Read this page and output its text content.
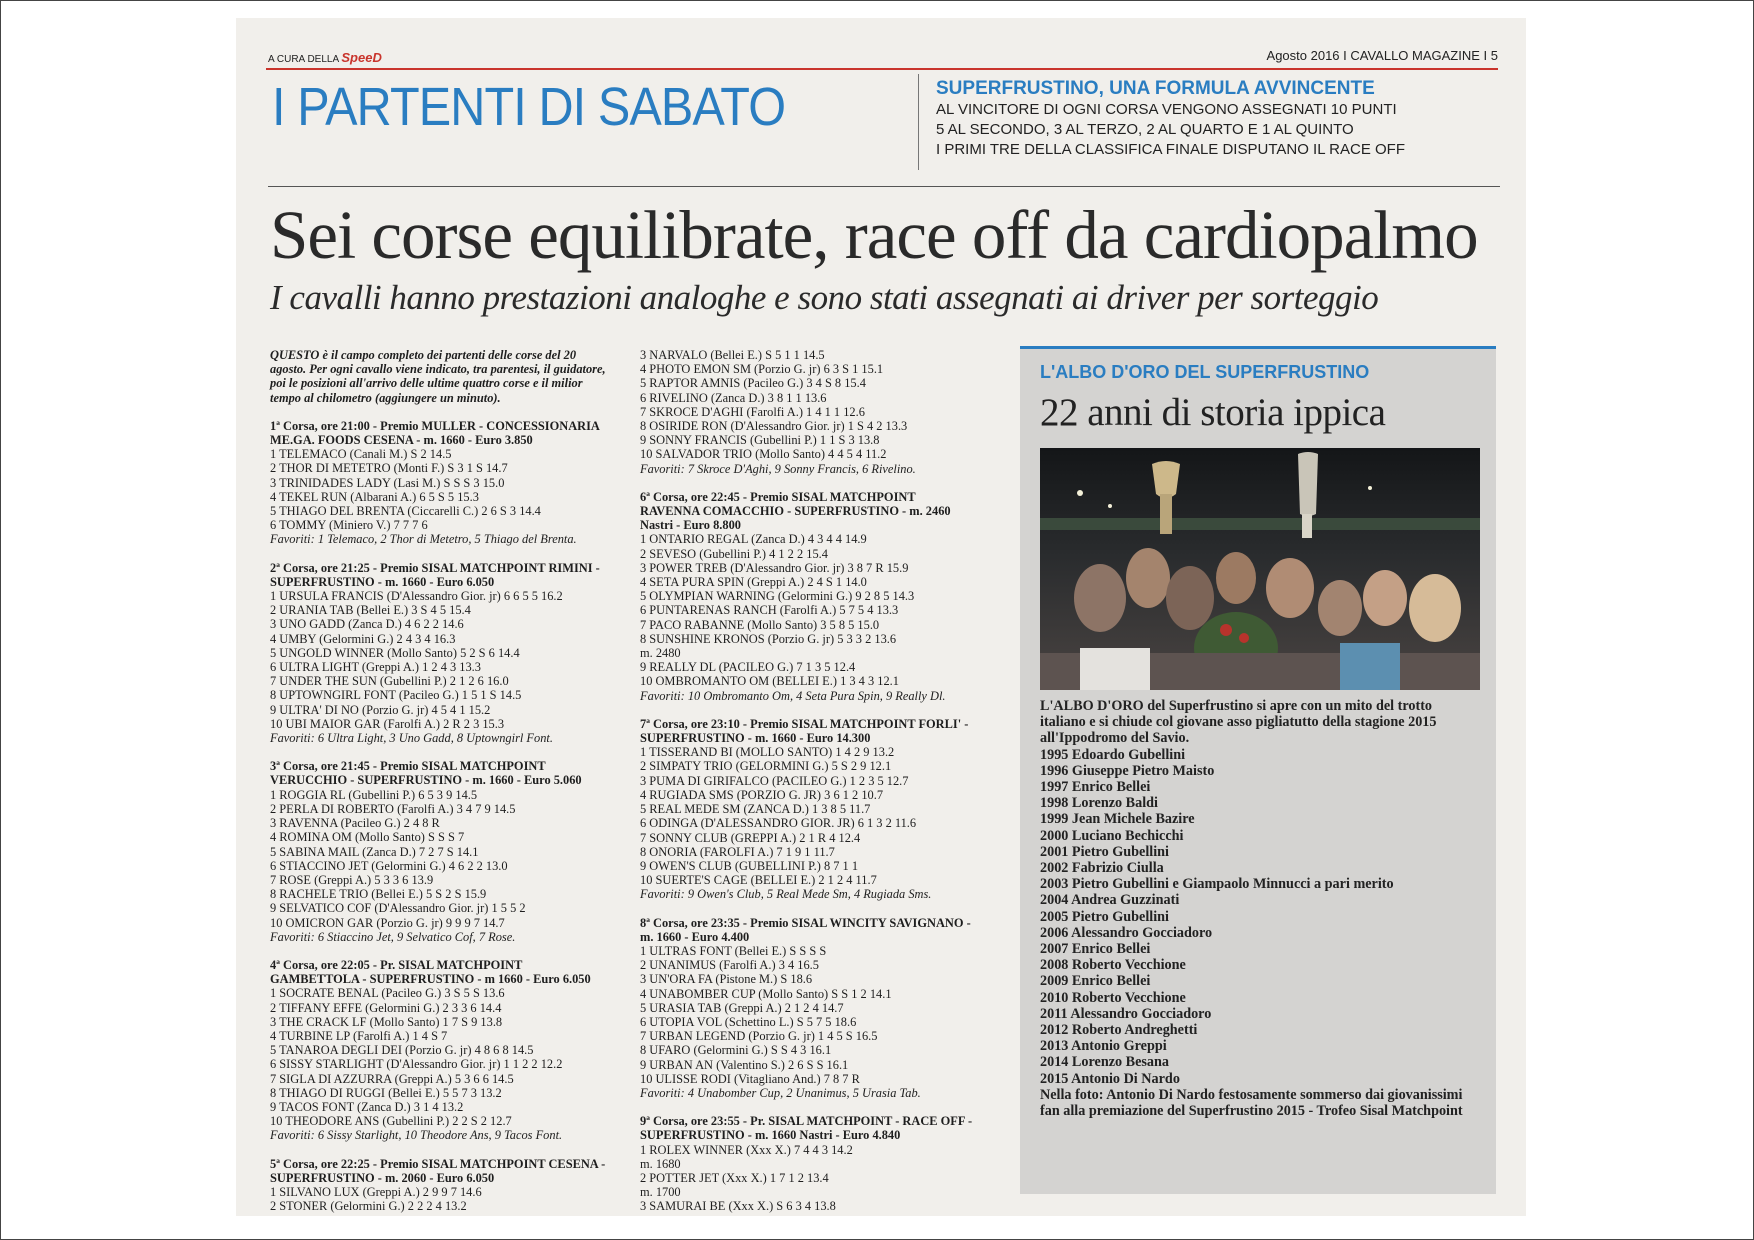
A CURA DELLA SpeeD	Agosto 2016 I CAVALLO MAGAZINE I 5
I PARTENTI DI SABATO	SUPERFRUSTINO, UNA FORMULA AVVINCENTE
AL VINCITORE DI OGNI CORSA VENGONO ASSEGNATI 10 PUNTI
5 AL SECONDO, 3 AL TERZO, 2 AL QUARTO E 1 AL QUINTO
I PRIMI TRE DELLA CLASSIFICA FINALE DISPUTANO IL RACE OFF
Sei corse equilibrate, race off da cardiopalmo
I cavalli hanno prestazioni analoghe e sono stati assegnati ai driver per sorteggio

QUESTO è il campo completo dei partenti delle corse del 20 agosto. Per ogni cavallo viene indicato, tra parentesi, il guidatore, poi le posizioni all'arrivo delle ultime quattro corse e il milior tempo al chilometro (aggiungere un minuto).

1ª Corsa, ore 21:00 - Premio MULLER - CONCESSIONARIA ME.GA. FOODS CESENA - m. 1660 - Euro 3.850

1 TELEMACO (Canali M.) S 2 14.5

2 THOR DI METETRO (Monti F.) S 3 1 S 14.7

3 TRINIDADES LADY (Lasi M.) S S S 3 15.0

4 TEKEL RUN (Albarani A.) 6 5 S 5 15.3

5 THIAGO DEL BRENTA (Ciccarelli C.) 2 6 S 3 14.4

6 TOMMY (Miniero V.) 7 7 7 6

Favoriti: 1 Telemaco, 2 Thor di Metetro, 5 Thiago del Brenta.

2ª Corsa, ore 21:25 - Premio SISAL MATCHPOINT RIMINI - SUPERFRUSTINO - m. 1660 - Euro 6.050

1 URSULA FRANCIS (D'Alessandro Gior. jr) 6 6 5 5 16.2

2 URANIA TAB (Bellei E.) 3 S 4 5 15.4

3 UNO GADD (Zanca D.) 4 6 2 2 14.6

4 UMBY (Gelormini G.) 2 4 3 4 16.3

5 UNGOLD WINNER (Mollo Santo) 5 2 S 6 14.4

6 ULTRA LIGHT (Greppi A.) 1 2 4 3 13.3

7 UNDER THE SUN (Gubellini P.) 2 1 2 6 16.0

8 UPTOWNGIRL FONT (Pacileo G.) 1 5 1 S 14.5

9 ULTRA' DI NO (Porzio G. jr) 4 5 4 1 15.2

10 UBI MAIOR GAR (Farolfi A.) 2 R 2 3 15.3

Favoriti: 6 Ultra Light, 3 Uno Gadd, 8 Uptowngirl Font.

3ª Corsa, ore 21:45 - Premio SISAL MATCHPOINT VERUCCHIO - SUPERFRUSTINO - m. 1660 - Euro 5.060

1 ROGGIA RL (Gubellini P.) 6 5 3 9 14.5

2 PERLA DI ROBERTO (Farolfi A.) 3 4 7 9 14.5

3 RAVENNA (Pacileo G.) 2 4 8 R

4 ROMINA OM (Mollo Santo) S S S 7

5 SABINA MAIL (Zanca D.) 7 2 7 S 14.1

6 STIACCINO JET (Gelormini G.) 4 6 2 2 13.0

7 ROSE (Greppi A.) 5 3 3 6 13.9

8 RACHELE TRIO (Bellei E.) 5 S 2 S 15.9

9 SELVATICO COF (D'Alessandro Gior. jr) 1 5 5 2

10 OMICRON GAR (Porzio G. jr) 9 9 9 7 14.7

Favoriti: 6 Stiaccino Jet, 9 Selvatico Cof, 7 Rose.

4ª Corsa, ore 22:05 - Pr. SISAL MATCHPOINT GAMBETTOLA - SUPERFRUSTINO - m 1660 - Euro 6.050

1 SOCRATE BENAL (Pacileo G.) 3 S 5 S 13.6

2 TIFFANY EFFE (Gelormini G.) 2 3 3 6 14.4

3 THE CRACK LF (Mollo Santo) 1 7 S 9 13.8

4 TURBINE LP (Farolfi A.) 1 4 S 7

5 TANAROA DEGLI DEI (Porzio G. jr) 4 8 6 8 14.5

6 SISSY STARLIGHT (D'Alessandro Gior. jr) 1 1 2 2 12.2

7 SIGLA DI AZZURRA (Greppi A.) 5 3 6 6 14.5

8 THIAGO DI RUGGI (Bellei E.) 5 5 7 3 13.2

9 TACOS FONT (Zanca D.) 3 1 4 13.2

10 THEODORE ANS (Gubellini P.) 2 2 S 2 12.7

Favoriti: 6 Sissy Starlight, 10 Theodore Ans, 9 Tacos Font.

5ª Corsa, ore 22:25 - Premio SISAL MATCHPOINT CESENA - SUPERFRUSTINO - m. 2060 - Euro 6.050

1 SILVANO LUX (Greppi A.) 2 9 9 7 14.6

2 STONER (Gelormini G.) 2 2 2 4 13.2

3 NARVALO (Bellei E.) S 5 1 1 14.5

4 PHOTO EMON SM (Porzio G. jr) 6 3 S 1 15.1

5 RAPTOR AMNIS (Pacileo G.) 3 4 S 8 15.4

6 RIVELINO (Zanca D.) 3 8 1 1 13.6

7 SKROCE D'AGHI (Farolfi A.) 1 4 1 1 12.6

8 OSIRIDE RON (D'Alessandro Gior. jr) 1 S 4 2 13.3

9 SONNY FRANCIS (Gubellini P.) 1 1 S 3 13.8

10 SALVADOR TRIO (Mollo Santo) 4 4 5 4 11.2

Favoriti: 7 Skroce D'Aghi, 9 Sonny Francis, 6 Rivelino.

6ª Corsa, ore 22:45 - Premio SISAL MATCHPOINT RAVENNA COMACCHIO - SUPERFRUSTINO - m. 2460 Nastri - Euro 8.800

1 ONTARIO REGAL (Zanca D.) 4 3 4 4 14.9

2 SEVESO (Gubellini P.) 4 1 2 2 15.4

3 POWER TREB (D'Alessandro Gior. jr) 3 8 7 R 15.9

4 SETA PURA SPIN (Greppi A.) 2 4 S 1 14.0

5 OLYMPIAN WARNING (Gelormini G.) 9 2 8 5 14.3

6 PUNTARENAS RANCH (Farolfi A.) 5 7 5 4 13.3

7 PACO RABANNE (Mollo Santo) 3 5 8 5 15.0

8 SUNSHINE KRONOS (Porzio G. jr) 5 3 3 2 13.6

m. 2480

9 REALLY DL (PACILEO G.) 7 1 3 5 12.4

10 OMBROMANTO OM (BELLEI E.) 1 3 4 3 12.1

Favoriti: 10 Ombromanto Om, 4 Seta Pura Spin, 9 Really Dl.

7ª Corsa, ore 23:10 - Premio SISAL MATCHPOINT FORLI' - SUPERFRUSTINO - m. 1660 - Euro 14.300

1 TISSERAND BI (MOLLO SANTO) 1 4 2 9 13.2

2 SIMPATY TRIO (GELORMINI G.) 5 S 2 9 12.1

3 PUMA DI GIRIFALCO (PACILEO G.) 1 2 3 5 12.7

4 RUGIADA SMS (PORZIO G. JR) 3 6 1 2 10.7

5 REAL MEDE SM (ZANCA D.) 1 3 8 5 11.7

6 ODINGA (D'ALESSANDRO GIOR. JR) 6 1 3 2 11.6

7 SONNY CLUB (GREPPI A.) 2 1 R 4 12.4

8 ONORIA (FAROLFI A.) 7 1 9 1 11.7

9 OWEN'S CLUB (GUBELLINI P.) 8 7 1 1

10 SUERTE'S CAGE (BELLEI E.) 2 1 2 4 11.7

Favoriti: 9 Owen's Club, 5 Real Mede Sm, 4 Rugiada Sms.

8ª Corsa, ore 23:35 - Premio SISAL WINCITY SAVIGNANO - m. 1660 - Euro 4.400

1 ULTRAS FONT (Bellei E.) S S S S

2 UNANIMUS (Farolfi A.) 3 4 16.5

3 UN'ORA FA (Pistone M.) S 18.6

4 UNABOMBER CUP (Mollo Santo) S S 1 2 14.1

5 URASIA TAB (Greppi A.) 2 1 2 4 14.7

6 UTOPIA VOL (Schettino L.) S 5 7 5 18.6

7 URBAN LEGEND (Porzio G. jr) 1 4 5 S 16.5

8 UFARO (Gelormini G.) S S 4 3 16.1

9 URBAN AN (Valentino S.) 2 6 S S 16.1

10 ULISSE RODI (Vitagliano And.) 7 8 7 R

Favoriti: 4 Unabomber Cup, 2 Unanimus, 5 Urasia Tab.

9ª Corsa, ore 23:55 - Pr. SISAL MATCHPOINT - RACE OFF - SUPERFRUSTINO - m. 1660 Nastri - Euro 4.840

1 ROLEX WINNER (Xxx X.) 7 4 4 3 14.2

m. 1680

2 POTTER JET (Xxx X.) 1 7 1 2 13.4

m. 1700

3 SAMURAI BE (Xxx X.) S 6 3 4 13.8

L'ALBO D'ORO DEL SUPERFRUSTINO
22 anni di storia ippica

L'ALBO D'ORO del Superfrustino si apre con un mito del trotto italiano e si chiude col giovane asso pigliatutto della stagione 2015 all'Ippodromo del Savio.

1995 Edoardo Gubellini

1996 Giuseppe Pietro Maisto

1997 Enrico Bellei

1998 Lorenzo Baldi

1999 Jean Michele Bazire

2000 Luciano Bechicchi

2001 Pietro Gubellini

2002 Fabrizio Ciulla

2003 Pietro Gubellini e Giampaolo Minnucci a pari merito

2004 Andrea Guzzinati

2005 Pietro Gubellini

2006 Alessandro Gocciadoro

2007 Enrico Bellei

2008 Roberto Vecchione

2009 Enrico Bellei

2010 Roberto Vecchione

2011 Alessandro Gocciadoro

2012 Roberto Andreghetti

2013 Antonio Greppi

2014 Lorenzo Besana

2015 Antonio Di Nardo

Nella foto: Antonio Di Nardo festosamente sommerso dai giovanissimi fan alla premiazione del Superfrustino 2015 - Trofeo Sisal Matchpoint
